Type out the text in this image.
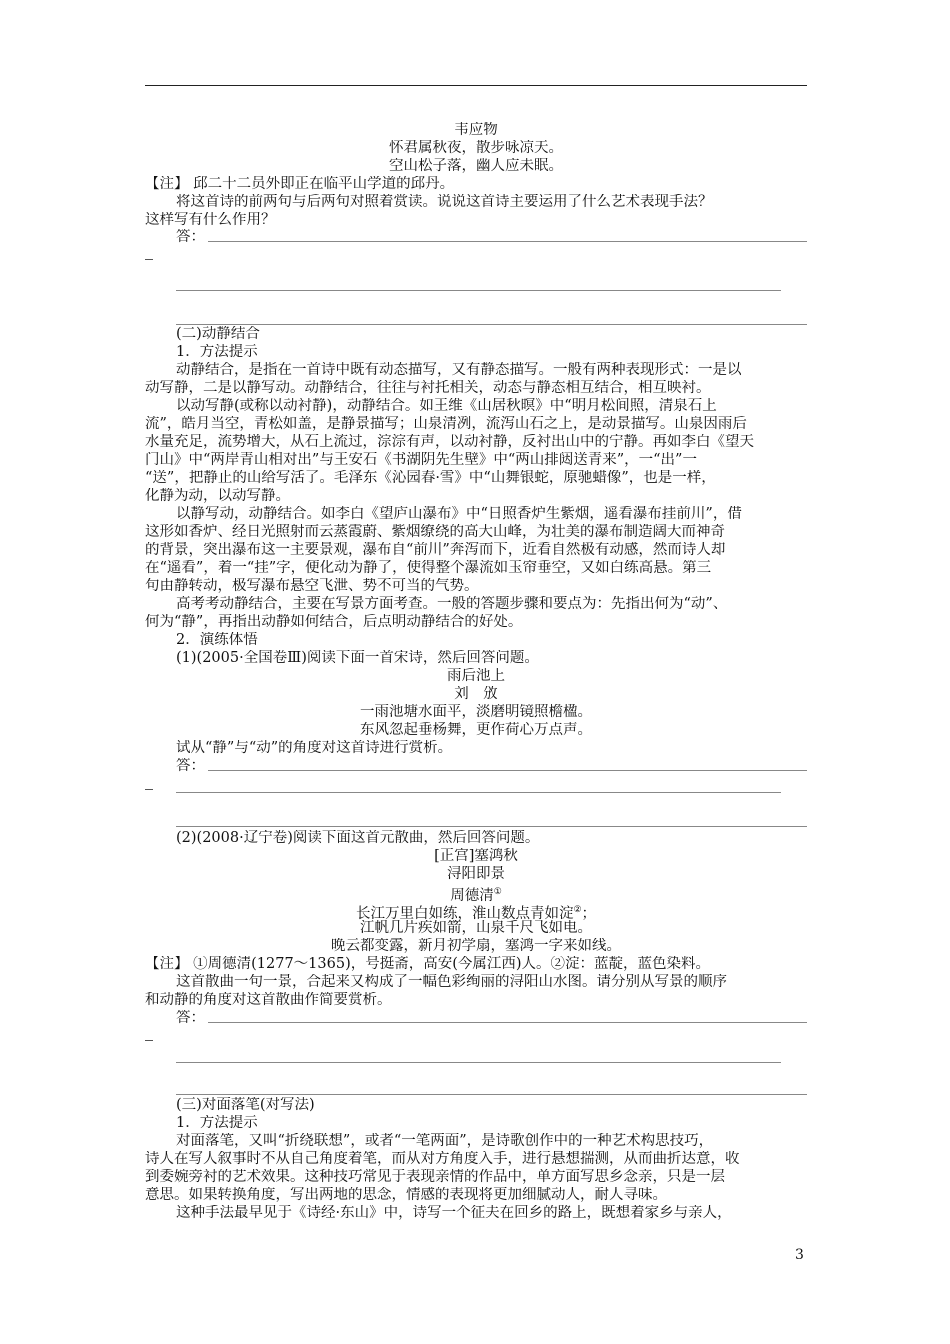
韦应物
怀君属秋夜，散步咏凉天。
空山松子落，幽人应未眠。
【注】 邱二十二员外即正在临平山学道的邱丹。
将这首诗的前两句与后两句对照着赏读。说说这首诗主要运用了什么艺术表现手法？
这样写有什么作用？
答：
(二)动静结合
1．方法提示
动静结合，是指在一首诗中既有动态描写，又有静态描写。一般有两种表现形式：一是以
动写静，二是以静写动。动静结合，往往与衬托相关，动态与静态相互结合，相互映衬。
以动写静(或称以动衬静)，动静结合。如王维《山居秋暝》中“明月松间照，清泉石上
流”，皓月当空，青松如盖，是静景描写；山泉清冽，流泻山石之上，是动景描写。山泉因雨后
水量充足，流势增大，从石上流过，淙淙有声，以动衬静，反衬出山中的宁静。再如李白《望天
门山》中“两岸青山相对出”与王安石《书湖阴先生壁》中“两山排闼送青来”，一“出”一
“送”，把静止的山给写活了。毛泽东《沁园春·雪》中“山舞银蛇，原驰蜡像”，也是一样，
化静为动，以动写静。
以静写动，动静结合。如李白《望庐山瀑布》中“日照香炉生紫烟，遥看瀑布挂前川”，借
这形如香炉、经日光照射而云蒸霞蔚、紫烟缭绕的高大山峰，为壮美的瀑布制造阔大而神奇
的背景，突出瀑布这一主要景观，瀑布自“前川”奔泻而下，近看自然极有动感，然而诗人却
在“遥看”，着一“挂”字，便化动为静了，使得整个瀑流如玉帘垂空，又如白练高悬。第三
句由静转动，极写瀑布悬空飞泄、势不可当的气势。
高考考动静结合，主要在写景方面考查。一般的答题步骤和要点为：先指出何为“动”、
何为“静”，再指出动静如何结合，后点明动静结合的好处。
2．演练体悟
(1)(2005·全国卷Ⅲ)阅读下面一首宋诗，然后回答问题。
雨后池上
刘　攽
一雨池塘水面平，淡磨明镜照檐楹。
东风忽起垂杨舞，更作荷心万点声。
试从“静”与“动”的角度对这首诗进行赏析。
答：
(2)(2008·辽宁卷)阅读下面这首元散曲，然后回答问题。
[正宫]塞鸿秋
浔阳即景
周德清①
长江万里白如练，淮山数点青如淀②；
江帆几片疾如箭，山泉千尺飞如电。
晚云都变露，新月初学扇，塞鸿一字来如线。
【注】 ①周德清(1277～1365)，号挺斋，高安(今属江西)人。②淀：蓝靛，蓝色染料。
这首散曲一句一景，合起来又构成了一幅色彩绚丽的浔阳山水图。请分别从写景的顺序
和动静的角度对这首散曲作简要赏析。
答：
(三)对面落笔(对写法)
1．方法提示
对面落笔，又叫“折绕联想”，或者“一笔两面”，是诗歌创作中的一种艺术构思技巧，
诗人在写人叙事时不从自己角度着笔，而从对方角度入手，进行悬想揣测，从而曲折达意，收
到委婉旁衬的艺术效果。这种技巧常见于表现亲情的作品中，单方面写思乡念亲，只是一层
意思。如果转换角度，写出两地的思念，情感的表现将更加细腻动人，耐人寻味。
这种手法最早见于《诗经·东山》中，诗写一个征夫在回乡的路上，既想着家乡与亲人，
3
